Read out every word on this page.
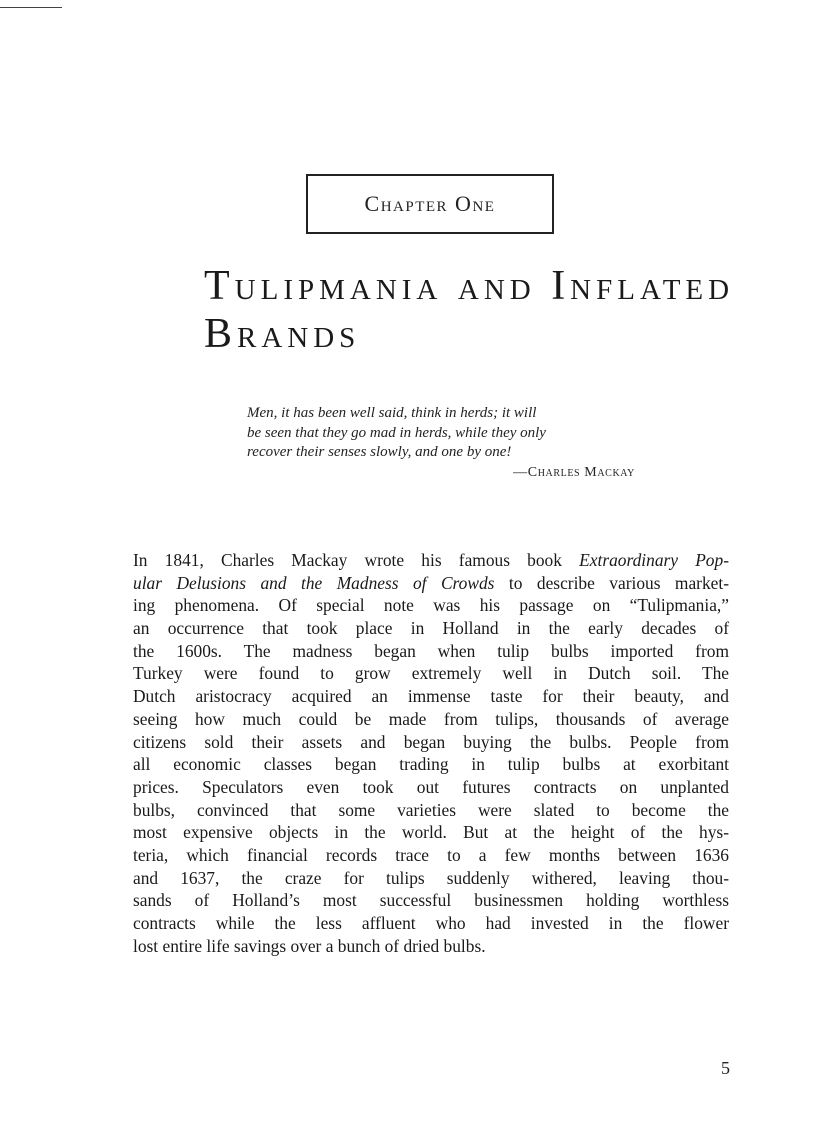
Chapter One
Tulipmania and Inflated
Brands
Men, it has been well said, think in herds; it will
be seen that they go mad in herds, while they only
recover their senses slowly, and one by one!
—Charles Mackay
In 1841, Charles Mackay wrote his famous book Extraordinary Pop-
ular Delusions and the Madness of Crowds to describe various market-
ing phenomena. Of special note was his passage on “Tulipmania,”
an occurrence that took place in Holland in the early decades of
the 1600s. The madness began when tulip bulbs imported from
Turkey were found to grow extremely well in Dutch soil. The
Dutch aristocracy acquired an immense taste for their beauty, and
seeing how much could be made from tulips, thousands of average
citizens sold their assets and began buying the bulbs. People from
all economic classes began trading in tulip bulbs at exorbitant
prices. Speculators even took out futures contracts on unplanted
bulbs, convinced that some varieties were slated to become the
most expensive objects in the world. But at the height of the hys-
teria, which financial records trace to a few months between 1636
and 1637, the craze for tulips suddenly withered, leaving thou-
sands of Holland’s most successful businessmen holding worthless
contracts while the less affluent who had invested in the flower
lost entire life savings over a bunch of dried bulbs.
5
